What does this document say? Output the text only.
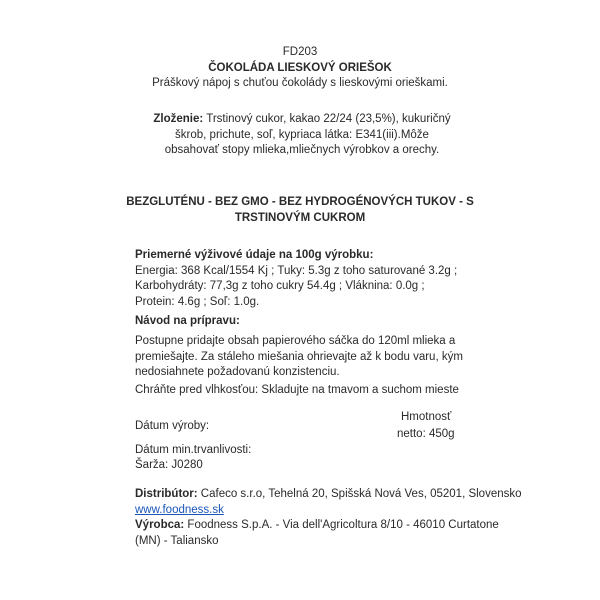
FD203

ČOKOLÁDA LIESKOVÝ ORIEŠOK

Práškový nápoj s chuťou čokolády s lieskovými orieškami.

Zloženie: Trstinový cukor, kakao 22/24 (23,5%), kukuričný škrob, prichute, soľ, kypriaca látka: E341(iii).Môže obsahovať stopy mlieka,mliečnych výrobkov a orechy.

BEZGLUTÉNU - BEZ GMO - BEZ HYDROGÉNOVÝCH TUKOV - S

TRSTINOVÝM CUKROM

Priemerné výživové údaje na 100g výrobku:

Energia: 368 Kcal/1554 Kj ; Tuky: 5.3g z toho saturované 3.2g ;

Karbohydráty: 77,3g z toho cukry 54.4g ; Vláknina: 0.0g ;

Protein: 4.6g ; Soľ: 1.0g.

Návod na prípravu:

Postupne pridajte obsah papierového sáčka do 120ml mlieka a

premiešajte. Za stáleho miešania ohrievajte až k bodu varu, kým

nedosiahnete požadovanú konzistenciu.

Chráňte pred vlhkosťou: Skladujte na tmavom a suchom mieste
Dátum výroby:
Hmotnosť
netto: 450g
Dátum min.trvanlivosti:
Šarža: J0280

Distribútor: Cafeco s.r.o, Tehelná 20, Spišská Nová Ves, 05201, Slovensko

www.foodness.sk

Výrobca: Foodness S.p.A. - Via dell'Agricoltura 8/10 - 46010 Curtatone

(MN) - Taliansko
